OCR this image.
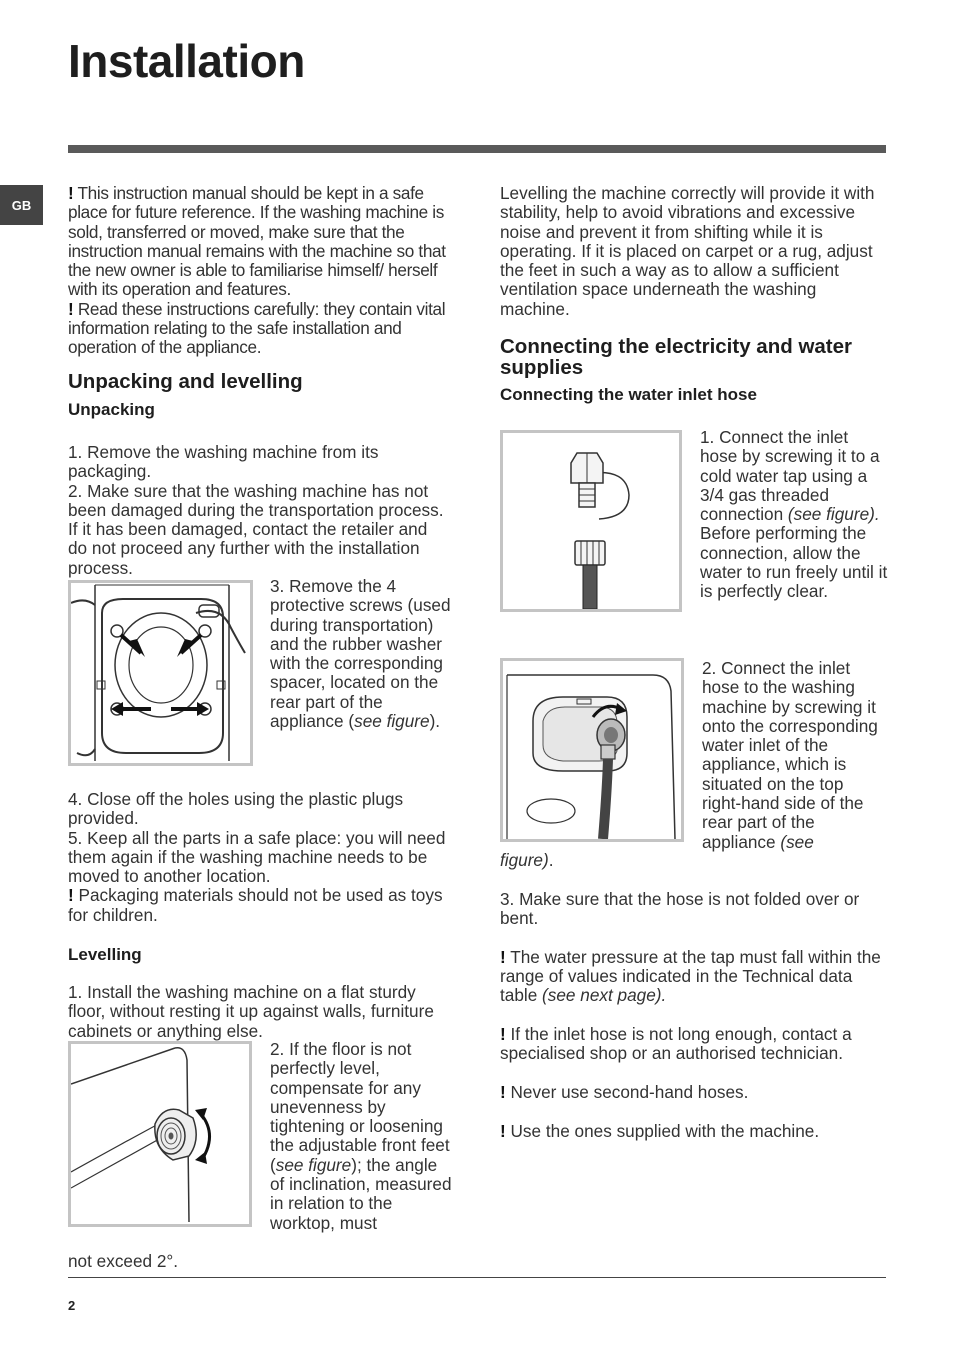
Installation
GB

! This instruction manual should be kept in a safe place for future reference. If the washing machine is sold, transferred or moved, make sure that the instruction manual remains with the machine so that the new owner is able to familiarise himself/ herself with its operation and features.

! Read these instructions carefully: they contain vital information relating to the safe installation and operation of the appliance.

Unpacking and levelling
Unpacking

1. Remove the washing machine from its packaging.

2. Make sure that the washing machine has not been damaged during the transportation process. If it has been damaged, contact the retailer and do not proceed any further with the installation process.

3. Remove the 4 protective screws (used during transportation) and the rubber washer with the corresponding spacer, located on the rear part of the appliance (see figure).

4. Close off the holes using the plastic plugs provided.

5. Keep all the parts in a safe place: you will need them again if the washing machine needs to be moved to another location.

! Packaging materials should not be used as toys for children.

Levelling
1. Install the washing machine on a flat sturdy floor, without resting it up against walls, furniture cabinets or anything else.
2. If the floor is not perfectly level, compensate for any unevenness by tightening or loosening the adjustable front feet (see figure); the angle of inclination, measured in relation to the worktop, must
not exceed 2°.
Levelling the machine correctly will provide it with stability, help to avoid vibrations and excessive noise and prevent it from shifting while it is operating. If it is placed on carpet or a rug, adjust the feet in such a way as to allow a sufficient ventilation space underneath the washing machine.
Connecting the electricity and water supplies
Connecting the water inlet hose

1. Connect the inlet hose by screwing it to a cold water tap using a 3/4 gas threaded connection (see figure).

Before performing the connection, allow the water to run freely until it is perfectly clear.

2. Connect the inlet hose to the washing machine by screwing it onto the corresponding water inlet of the appliance, which is situated on the top right-hand side of the rear part of the appliance (see
figure).

3. Make sure that the hose is not folded over or bent.

! The water pressure at the tap must fall within the range of values indicated in the Technical data table (see next page).

! If the inlet hose is not long enough, contact a specialised shop or an authorised technician.

! Never use second-hand hoses.

! Use the ones supplied with the machine.

2
